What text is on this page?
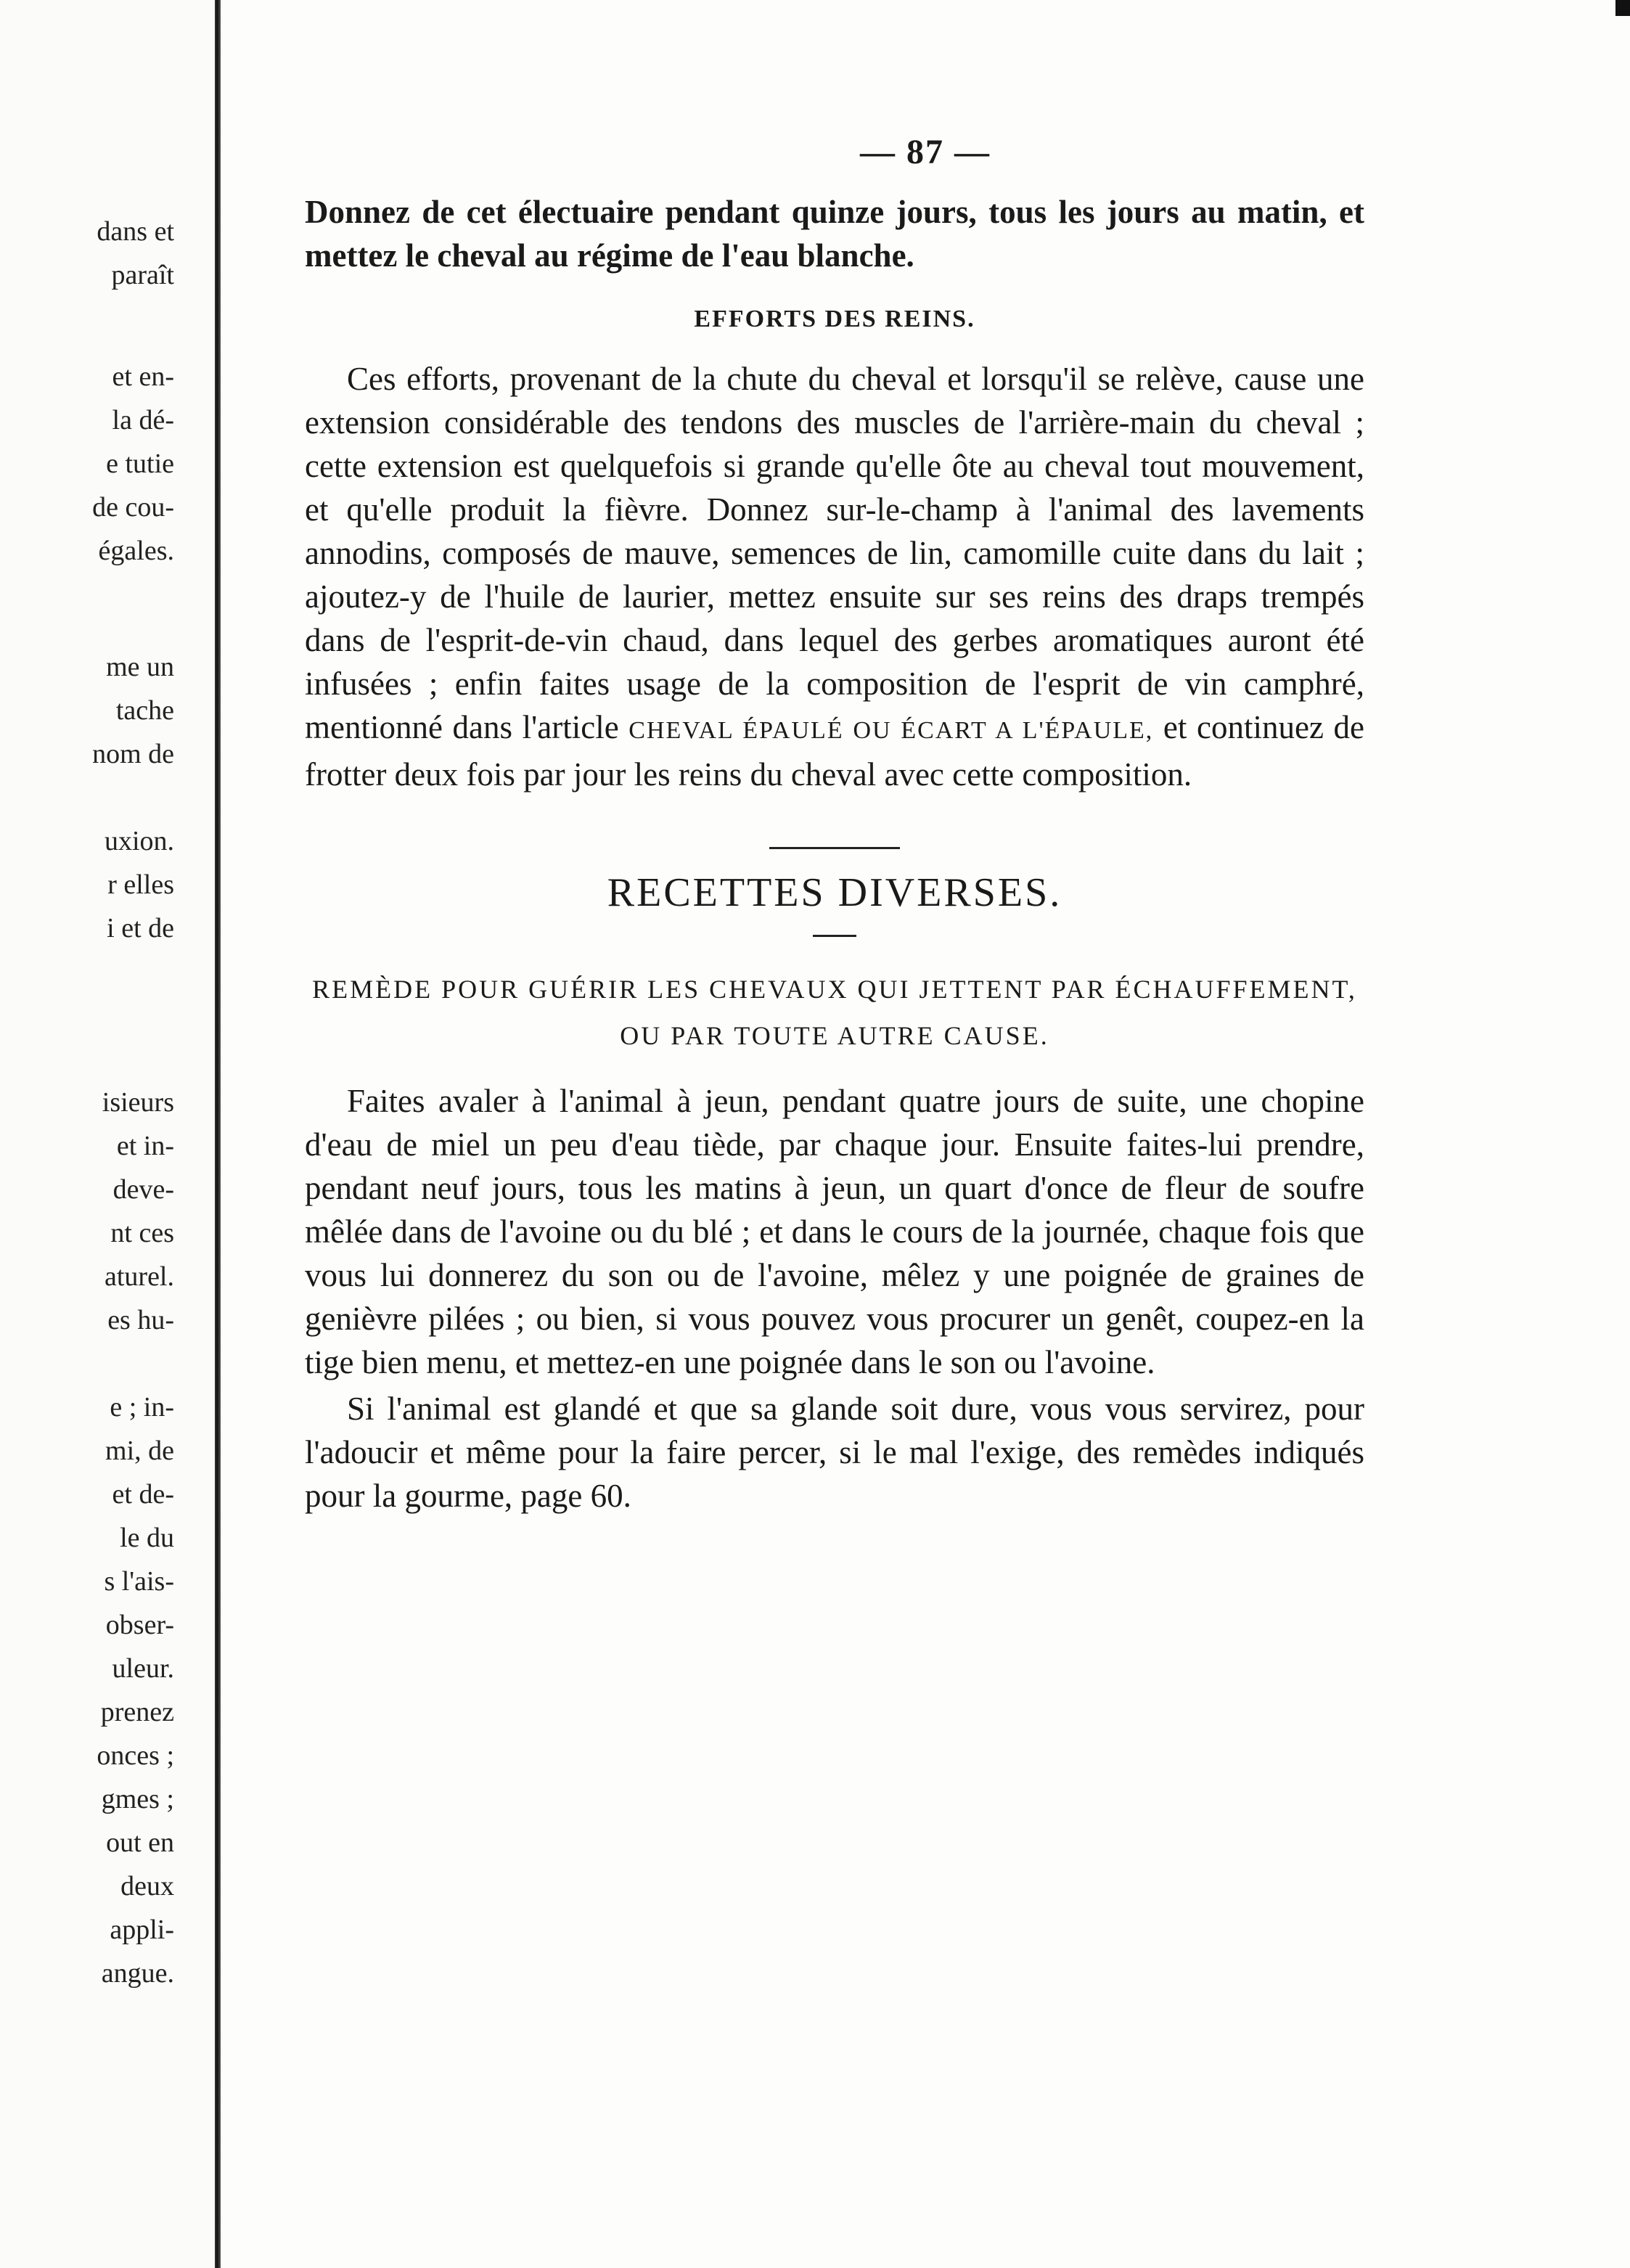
dans et
paraît
et en-
la dé-
e tutie
de cou-
égales.
me un
tache
nom de
uxion.
r elles
i et de
isieurs
et in-
deve-
nt ces
aturel.
es hu-
e ; in-
mi, de
et de-
le du
s l'ais-
obser-
uleur.
prenez
onces ;
gmes ;
out en
deux
appli-
angue.
— 87 —

Donnez de cet électuaire pendant quinze jours, tous les jours au matin, et mettez le cheval au régime de l'eau blanche.

EFFORTS DES REINS.

Ces efforts, provenant de la chute du cheval et lorsqu'il se relève, cause une extension considérable des tendons des muscles de l'arrière-main du cheval ; cette extension est quelquefois si grande qu'elle ôte au cheval tout mouvement, et qu'elle produit la fièvre. Donnez sur-le-champ à l'animal des lavements annodins, composés de mauve, semences de lin, camomille cuite dans du lait ; ajoutez-y de l'huile de laurier, mettez ensuite sur ses reins des draps trempés dans de l'esprit-de-vin chaud, dans lequel des gerbes aromatiques auront été infusées ; enfin faites usage de la composition de l'esprit de vin camphré, mentionné dans l'article CHEVAL ÉPAULÉ OU ÉCART A L'ÉPAULE, et continuez de frotter deux fois par jour les reins du cheval avec cette composition.

RECETTES DIVERSES.
REMÈDE POUR GUÉRIR LES CHEVAUX QUI JETTENT PAR ÉCHAUFFEMENT, OU PAR TOUTE AUTRE CAUSE.

Faites avaler à l'animal à jeun, pendant quatre jours de suite, une chopine d'eau de miel un peu d'eau tiède, par chaque jour. Ensuite faites-lui prendre, pendant neuf jours, tous les matins à jeun, un quart d'once de fleur de soufre mêlée dans de l'avoine ou du blé ; et dans le cours de la journée, chaque fois que vous lui donnerez du son ou de l'avoine, mêlez y une poignée de graines de genièvre pilées ; ou bien, si vous pouvez vous procurer un genêt, coupez-en la tige bien menu, et mettez-en une poignée dans le son ou l'avoine.

Si l'animal est glandé et que sa glande soit dure, vous vous servirez, pour l'adoucir et même pour la faire percer, si le mal l'exige, des remèdes indiqués pour la gourme, page 60.
